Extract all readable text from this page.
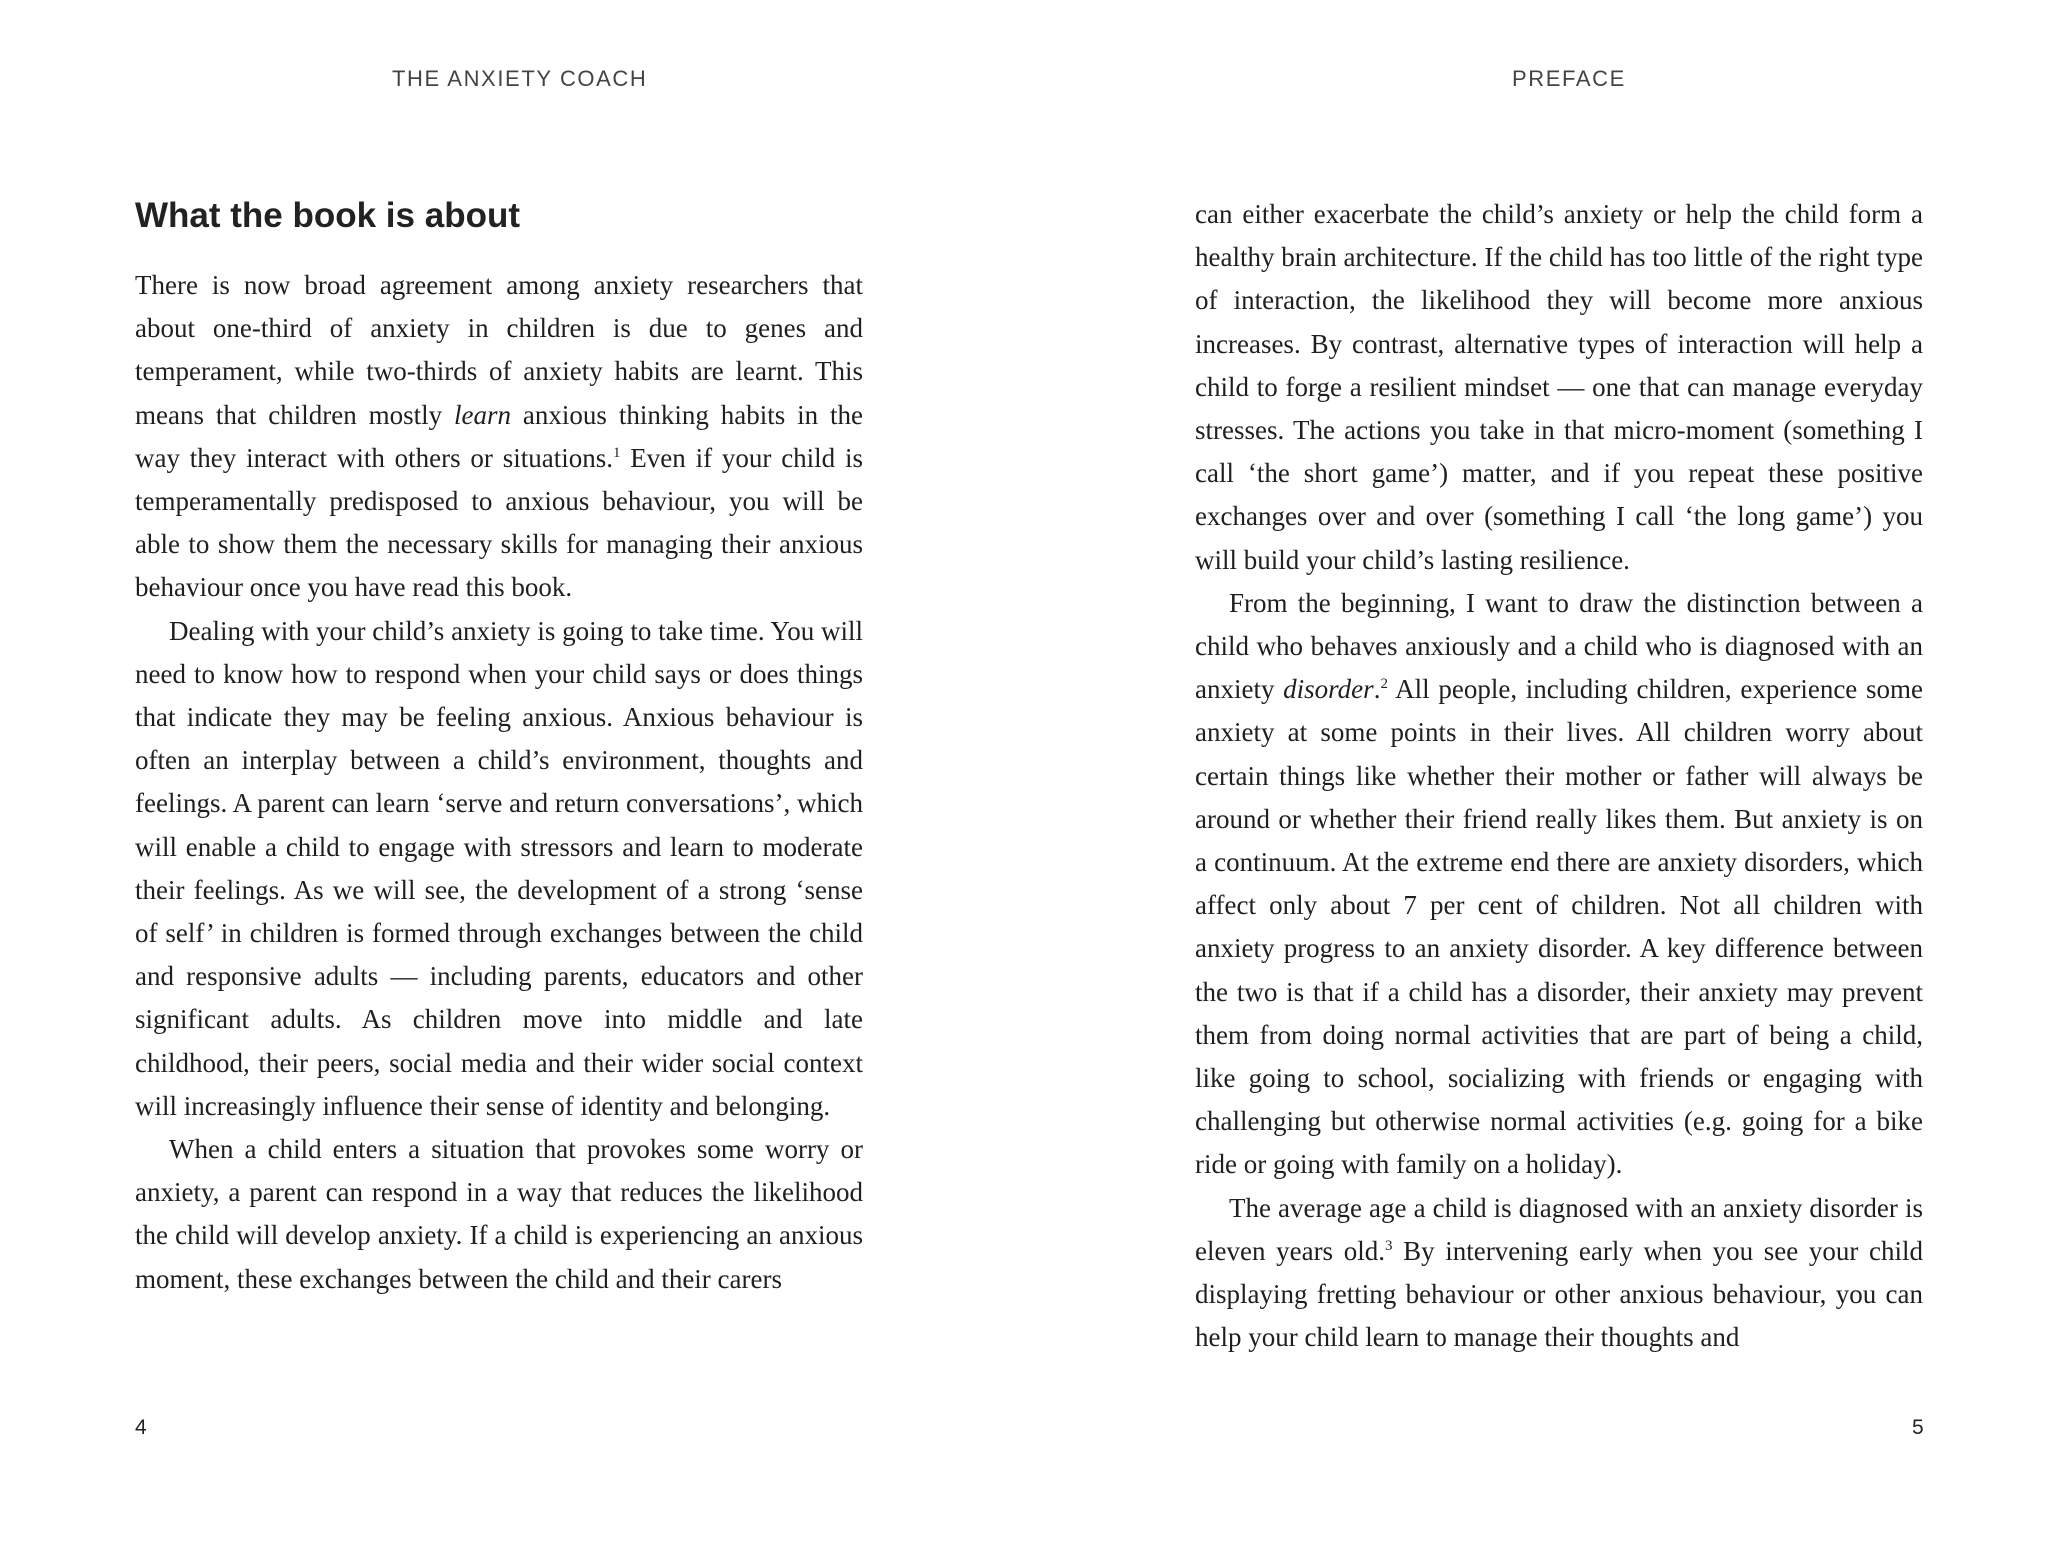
THE ANXIETY COACH
What the book is about

There is now broad agreement among anxiety researchers that about one-third of anxiety in children is due to genes and temperament, while two-thirds of anxiety habits are learnt. This means that children mostly learn anxious thinking habits in the way they interact with others or situations.$^1$ Even if your child is temperamentally predisposed to anxious behaviour, you will be able to show them the necessary skills for managing their anxious behaviour once you have read this book.

Dealing with your child’s anxiety is going to take time. You will need to know how to respond when your child says or does things that indicate they may be feeling anxious. Anxious behaviour is often an interplay between a child’s environment, thoughts and feelings. A parent can learn ‘serve and return conversations’, which will enable a child to engage with stressors and learn to moderate their feelings. As we will see, the development of a strong ‘sense of self’ in children is formed through exchanges between the child and responsive adults — including parents, educators and other significant adults. As children move into middle and late childhood, their peers, social media and their wider social context will increasingly influence their sense of identity and belonging.

When a child enters a situation that provokes some worry or anxiety, a parent can respond in a way that reduces the likelihood the child will develop anxiety. If a child is experiencing an anxious moment, these exchanges between the child and their carers

4
PREFACE

can either exacerbate the child’s anxiety or help the child form a healthy brain architecture. If the child has too little of the right type of interaction, the likelihood they will become more anxious increases. By contrast, alternative types of interaction will help a child to forge a resilient mindset — one that can manage everyday stresses. The actions you take in that micro-moment (something I call ‘the short game’) matter, and if you repeat these positive exchanges over and over (something I call ‘the long game’) you will build your child’s lasting resilience.

From the beginning, I want to draw the distinction between a child who behaves anxiously and a child who is diagnosed with an anxiety disorder.$^2$ All people, including children, experience some anxiety at some points in their lives. All children worry about certain things like whether their mother or father will always be around or whether their friend really likes them. But anxiety is on a continuum. At the extreme end there are anxiety disorders, which affect only about 7 per cent of children. Not all children with anxiety progress to an anxiety disorder. A key difference between the two is that if a child has a disorder, their anxiety may prevent them from doing normal activities that are part of being a child, like going to school, socializing with friends or engaging with challenging but otherwise normal activities (e.g. going for a bike ride or going with family on a holiday).

The average age a child is diagnosed with an anxiety disorder is eleven years old.$^3$ By intervening early when you see your child displaying fretting behaviour or other anxious behaviour, you can help your child learn to manage their thoughts and

5
